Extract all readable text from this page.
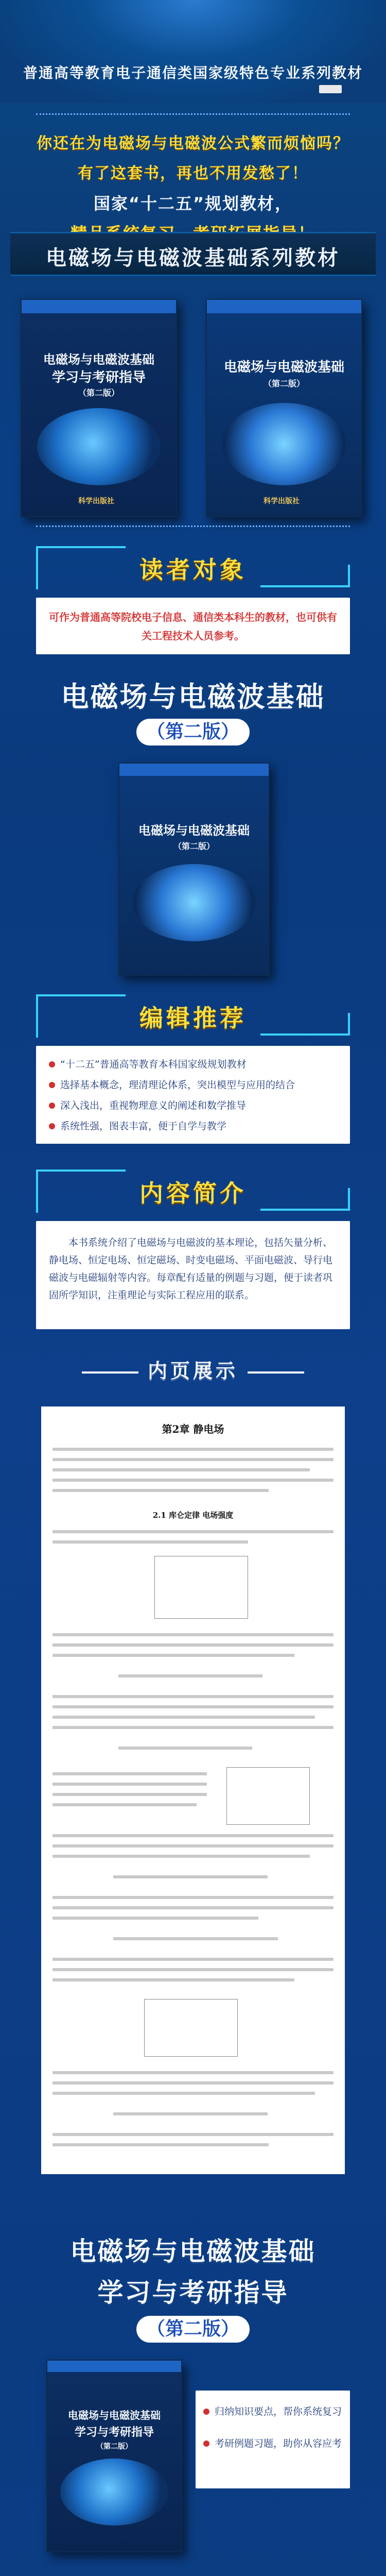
普通高等教育电子通信类国家级特色专业系列教材
你还在为电磁场与电磁波公式繁而烦恼吗？
有了这套书，再也不用发愁了！
国家“十二五”规划教材，
电磁场与电磁波基础系列教材
电磁场与电磁波基础
学习与考研指导
（第二版）
科学出版社
电磁场与电磁波基础
（第二版）
科学出版社
读者对象
可作为普通高等院校电子信息、通信类本科生的教材，也可供有关工程技术人员参考。
电磁场与电磁波基础
（第二版）
电磁场与电磁波基础
（第二版）
编辑推荐
“十二五”普通高等教育本科国家级规划教材
选择基本概念，理清理论体系，突出模型与应用的结合
深入浅出，重视物理意义的阐述和数学推导
系统性强，图表丰富，便于自学与教学
内容简介
本书系统介绍了电磁场与电磁波的基本理论，包括矢量分析、静电场、恒定电场、恒定磁场、时变电磁场、平面电磁波、导行电磁波与电磁辐射等内容。每章配有适量的例题与习题，便于读者巩固所学知识，注重理论与实际工程应用的联系。
内页展示
第2章 静电场
2.1 库仑定律 电场强度
电磁场与电磁波基础
学习与考研指导
（第二版）
电磁场与电磁波基础
学习与考研指导
（第二版）
归纳知识要点，帮你系统复习
考研例题习题，助你从容应考
